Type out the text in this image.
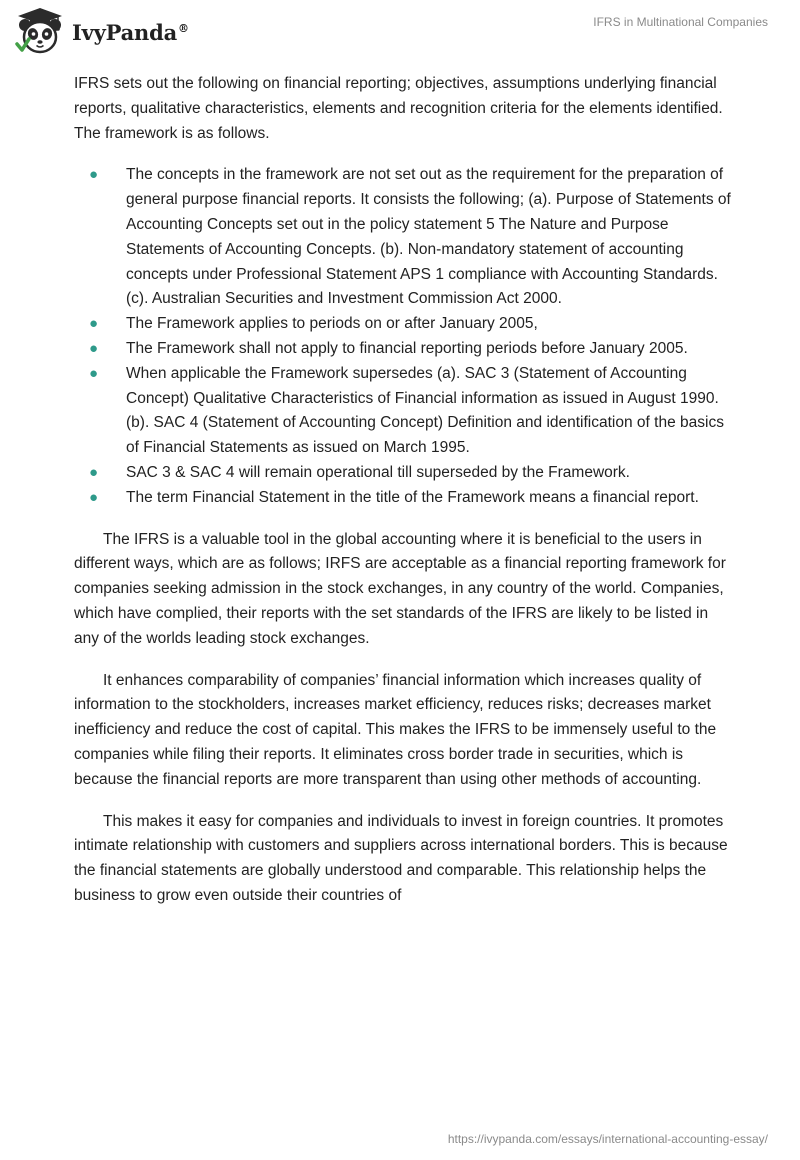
IvyPanda®	IFRS in Multinational Companies

IFRS sets out the following on financial reporting; objectives, assumptions underlying financial reports, qualitative characteristics, elements and recognition criteria for the elements identified. The framework is as follows.

● The concepts in the framework are not set out as the requirement for the preparation of general purpose financial reports. It consists the following; (a). Purpose of Statements of Accounting Concepts set out in the policy statement 5 The Nature and Purpose Statements of Accounting Concepts. (b). Non-mandatory statement of accounting concepts under Professional Statement APS 1 compliance with Accounting Standards. (c). Australian Securities and Investment Commission Act 2000.
● The Framework applies to periods on or after January 2005,
● The Framework shall not apply to financial reporting periods before January 2005.
● When applicable the Framework supersedes (a). SAC 3 (Statement of Accounting Concept) Qualitative Characteristics of Financial information as issued in August 1990. (b). SAC 4 (Statement of Accounting Concept) Definition and identification of the basics of Financial Statements as issued on March 1995.
● SAC 3 & SAC 4 will remain operational till superseded by the Framework.
● The term Financial Statement in the title of the Framework means a financial report.

The IFRS is a valuable tool in the global accounting where it is beneficial to the users in different ways, which are as follows; IRFS are acceptable as a financial reporting framework for companies seeking admission in the stock exchanges, in any country of the world. Companies, which have complied, their reports with the set standards of the IFRS are likely to be listed in any of the worlds leading stock exchanges.

It enhances comparability of companies’ financial information which increases quality of information to the stockholders, increases market efficiency, reduces risks; decreases market inefficiency and reduce the cost of capital. This makes the IFRS to be immensely useful to the companies while filing their reports. It eliminates cross border trade in securities, which is because the financial reports are more transparent than using other methods of accounting.

This makes it easy for companies and individuals to invest in foreign countries. It promotes intimate relationship with customers and suppliers across international borders. This is because the financial statements are globally understood and comparable. This relationship helps the business to grow even outside their countries of

https://ivypanda.com/essays/international-accounting-essay/
